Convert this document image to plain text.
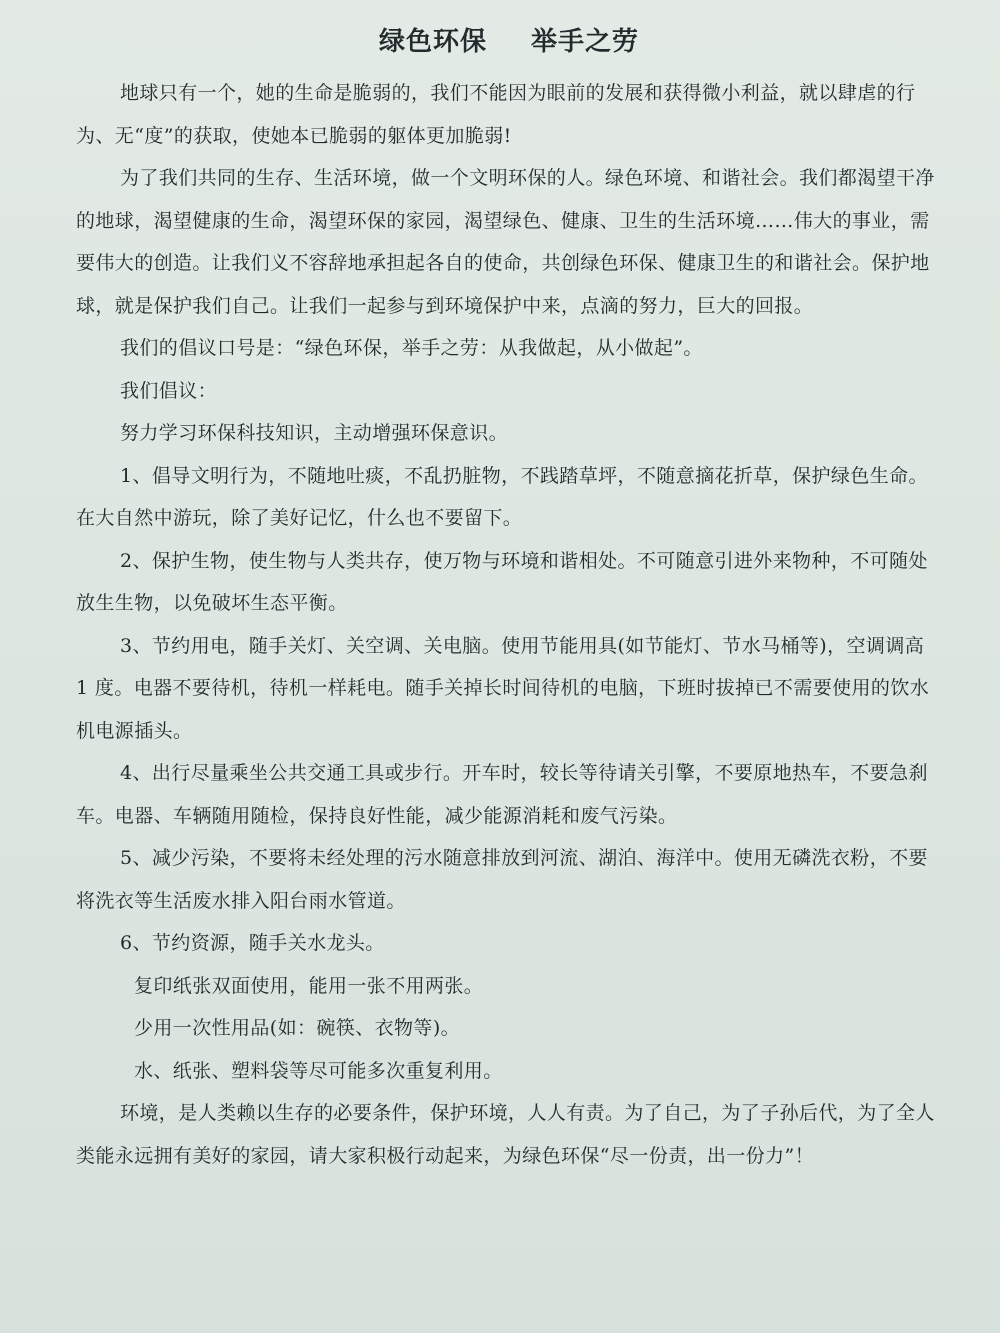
绿色环保 举手之劳

地球只有一个，她的生命是脆弱的，我们不能因为眼前的发展和获得微小利益，就以肆虐的行为、无“度”的获取，使她本已脆弱的躯体更加脆弱!

为了我们共同的生存、生活环境，做一个文明环保的人。绿色环境、和谐社会。我们都渴望干净的地球，渴望健康的生命，渴望环保的家园，渴望绿色、健康、卫生的生活环境……伟大的事业，需要伟大的创造。让我们义不容辞地承担起各自的使命，共创绿色环保、健康卫生的和谐社会。保护地球，就是保护我们自己。让我们一起参与到环境保护中来，点滴的努力，巨大的回报。

我们的倡议口号是：“绿色环保，举手之劳：从我做起，从小做起”。

我们倡议：

努力学习环保科技知识，主动增强环保意识。

1、倡导文明行为，不随地吐痰，不乱扔脏物，不践踏草坪，不随意摘花折草，保护绿色生命。在大自然中游玩，除了美好记忆，什么也不要留下。

2、保护生物，使生物与人类共存，使万物与环境和谐相处。不可随意引进外来物种，不可随处放生生物，以免破坏生态平衡。

3、节约用电，随手关灯、关空调、关电脑。使用节能用具(如节能灯、节水马桶等)，空调调高 1 度。电器不要待机，待机一样耗电。随手关掉长时间待机的电脑，下班时拔掉已不需要使用的饮水机电源插头。

4、出行尽量乘坐公共交通工具或步行。开车时，较长等待请关引擎，不要原地热车，不要急刹车。电器、车辆随用随检，保持良好性能，减少能源消耗和废气污染。

5、减少污染，不要将未经处理的污水随意排放到河流、湖泊、海洋中。使用无磷洗衣粉，不要将洗衣等生活废水排入阳台雨水管道。

6、节约资源，随手关水龙头。

复印纸张双面使用，能用一张不用两张。

少用一次性用品(如：碗筷、衣物等)。

水、纸张、塑料袋等尽可能多次重复利用。

环境，是人类赖以生存的必要条件，保护环境，人人有责。为了自己，为了子孙后代，为了全人类能永远拥有美好的家园，请大家积极行动起来，为绿色环保“尽一份责，出一份力”！
